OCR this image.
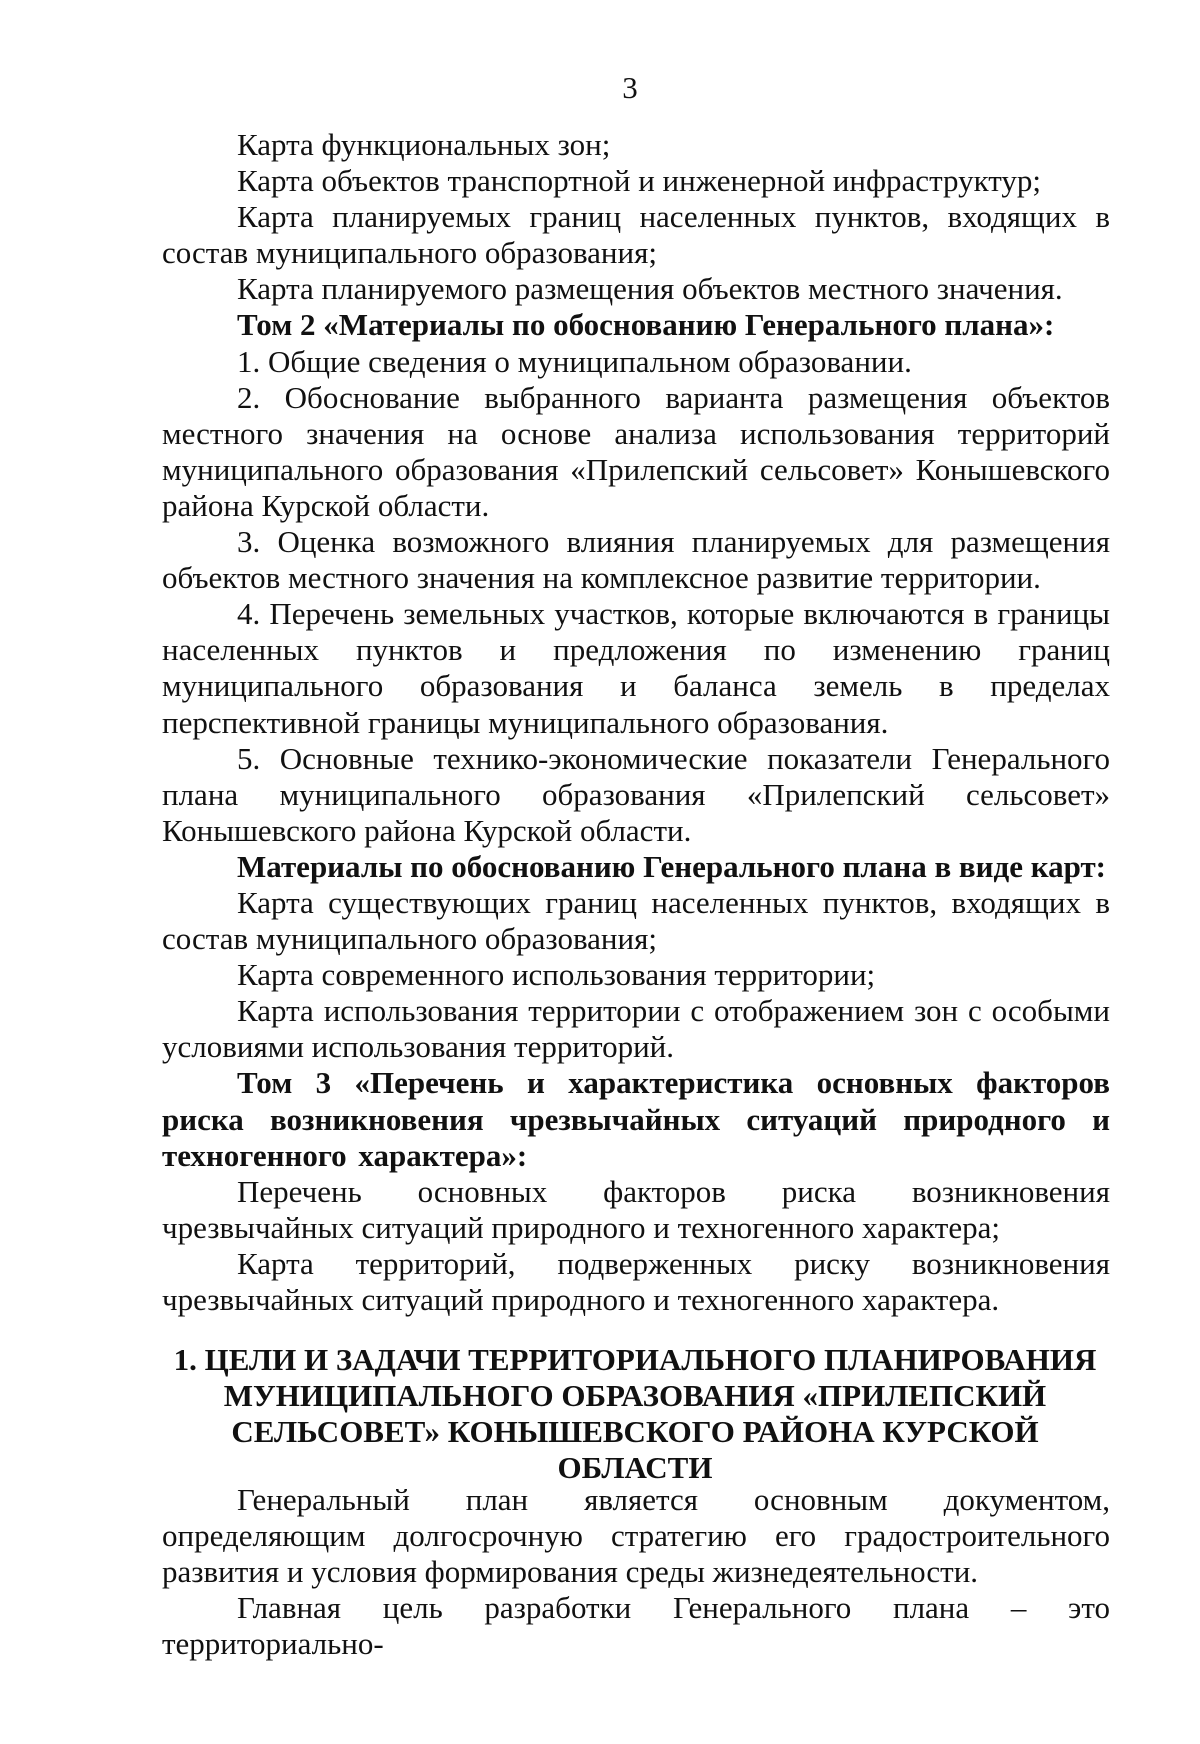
3

Карта функциональных зон;

Карта объектов транспортной и инженерной инфраструктур;

Карта планируемых границ населенных пунктов, входящих в состав муниципального образования;

Карта планируемого размещения объектов местного значения.

Том 2 «Материалы по обоснованию Генерального плана»:

1. Общие сведения о муниципальном образовании.

2. Обоснование выбранного варианта размещения объектов местного значения на основе анализа использования территорий муниципального образования «Прилепский сельсовет» Конышевского района Курской области.

3. Оценка возможного влияния планируемых для размещения объектов местного значения на комплексное развитие территории.

4. Перечень земельных участков, которые включаются в границы населенных пунктов и предложения по изменению границ муниципального образования и баланса земель в пределах перспективной границы муниципального образования.

5. Основные технико-экономические показатели Генерального плана муниципального образования «Прилепский сельсовет» Конышевского района Курской области.

Материалы по обоснованию Генерального плана в виде карт:

Карта существующих границ населенных пунктов, входящих в состав муниципального образования;

Карта современного использования территории;

Карта использования территории с отображением зон с особыми условиями использования территорий.

Том 3 «Перечень и характеристика основных факторов риска возникновения чрезвычайных ситуаций природного и техногенного характера»:

Перечень основных факторов риска возникновения чрезвычайных ситуаций природного и техногенного характера;

Карта территорий, подверженных риску возникновения чрезвычайных ситуаций природного и техногенного характера.

1. ЦЕЛИ И ЗАДАЧИ ТЕРРИТОРИАЛЬНОГО ПЛАНИРОВАНИЯ
МУНИЦИПАЛЬНОГО ОБРАЗОВАНИЯ «ПРИЛЕПСКИЙ
СЕЛЬСОВЕТ» КОНЫШЕВСКОГО РАЙОНА КУРСКОЙ ОБЛАСТИ

Генеральный план является основным документом, определяющим долгосрочную стратегию его градостроительного развития и условия формирования среды жизнедеятельности.

Главная цель разработки Генерального плана – это территориально-
